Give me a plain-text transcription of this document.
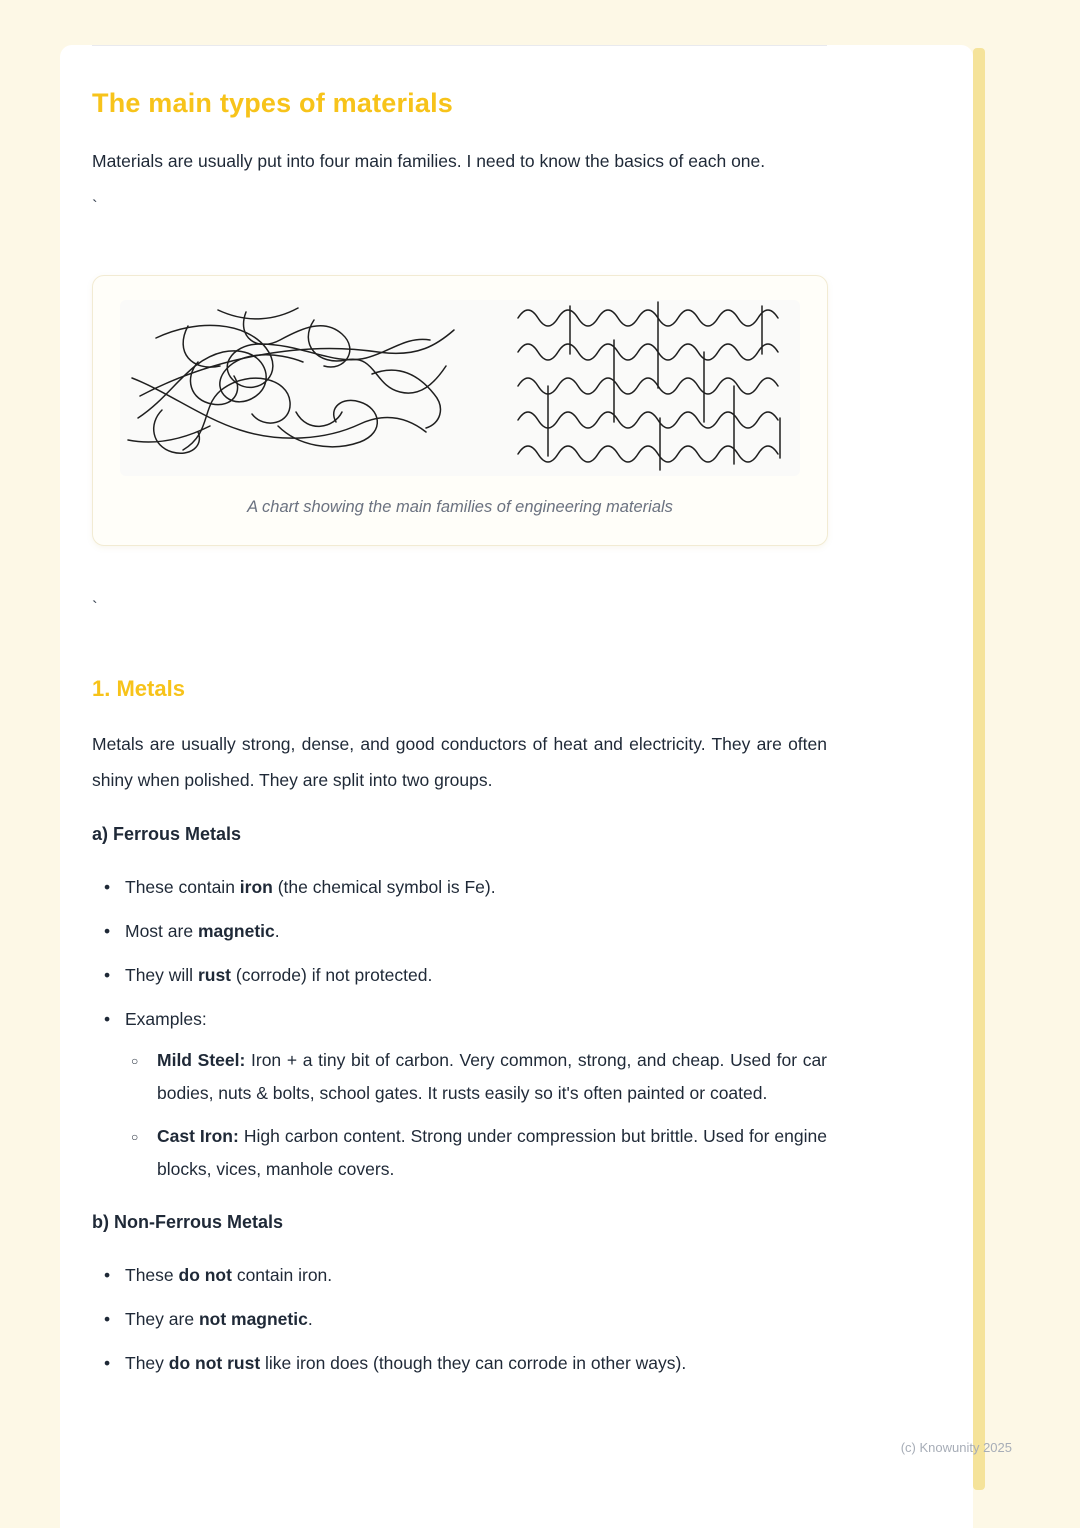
The main types of materials

Materials are usually put into four main families. I need to know the basics of each one.

`
A chart showing the main families of engineering materials
`
1. Metals

Metals are usually strong, dense, and good conductors of heat and electricity. They are often shiny when polished. They are split into two groups.

a) Ferrous Metals
• These contain iron (the chemical symbol is Fe).
• Most are magnetic.
• They will rust (corrode) if not protected.
• Examples:
○ Mild Steel: Iron + a tiny bit of carbon. Very common, strong, and cheap. Used for car bodies, nuts & bolts, school gates. It rusts easily so it's often painted or coated.
○ Cast Iron: High carbon content. Strong under compression but brittle. Used for engine blocks, vices, manhole covers.
b) Non-Ferrous Metals
• These do not contain iron.
• They are not magnetic.
• They do not rust like iron does (though they can corrode in other ways).
(c) Knowunity 2025
